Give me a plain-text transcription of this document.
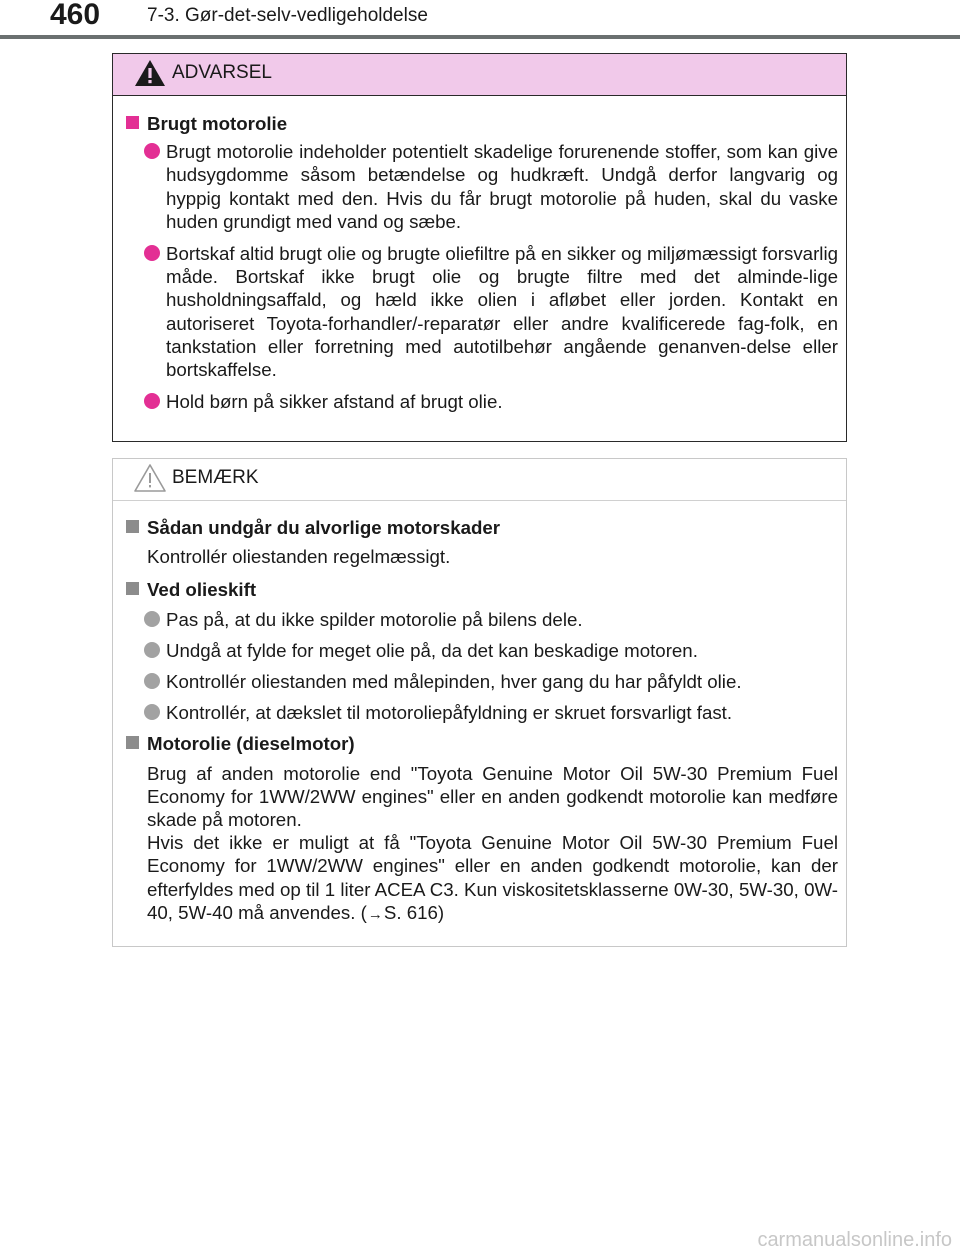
460 7-3. Gør-det-selv-vedligeholdelse
ADVARSEL
Brugt motorolie
Brugt motorolie indeholder potentielt skadelige forurenende stoffer, som kan give hudsygdomme såsom betændelse og hudkræft. Undgå derfor langvarig og hyppig kontakt med den. Hvis du får brugt motorolie på huden, skal du vaske huden grundigt med vand og sæbe.
Bortskaf altid brugt olie og brugte oliefiltre på en sikker og miljømæssigt forsvarlig måde. Bortskaf ikke brugt olie og brugte filtre med det alminde-lige husholdningsaffald, og hæld ikke olien i afløbet eller jorden. Kontakt en autoriseret Toyota-forhandler/-reparatør eller andre kvalificerede fag-folk, en tankstation eller forretning med autotilbehør angående genanven-delse eller bortskaffelse.
Hold børn på sikker afstand af brugt olie.
BEMÆRK
Sådan undgår du alvorlige motorskader
Kontrollér oliestanden regelmæssigt.
Ved olieskift
Pas på, at du ikke spilder motorolie på bilens dele.
Undgå at fylde for meget olie på, da det kan beskadige motoren.
Kontrollér oliestanden med målepinden, hver gang du har påfyldt olie.
Kontrollér, at dækslet til motoroliepåfyldning er skruet forsvarligt fast.
Motorolie (dieselmotor)
Brug af anden motorolie end "Toyota Genuine Motor Oil 5W-30 Premium Fuel Economy for 1WW/2WW engines" eller en anden godkendt motorolie kan medføre skade på motoren.
Hvis det ikke er muligt at få "Toyota Genuine Motor Oil 5W-30 Premium Fuel Economy for 1WW/2WW engines" eller en anden godkendt motorolie, kan der efterfyldes med op til 1 liter ACEA C3. Kun viskositetsklasserne 0W-30, 5W-30, 0W-40, 5W-40 må anvendes. (→S. 616)
carmanualsonline.info
